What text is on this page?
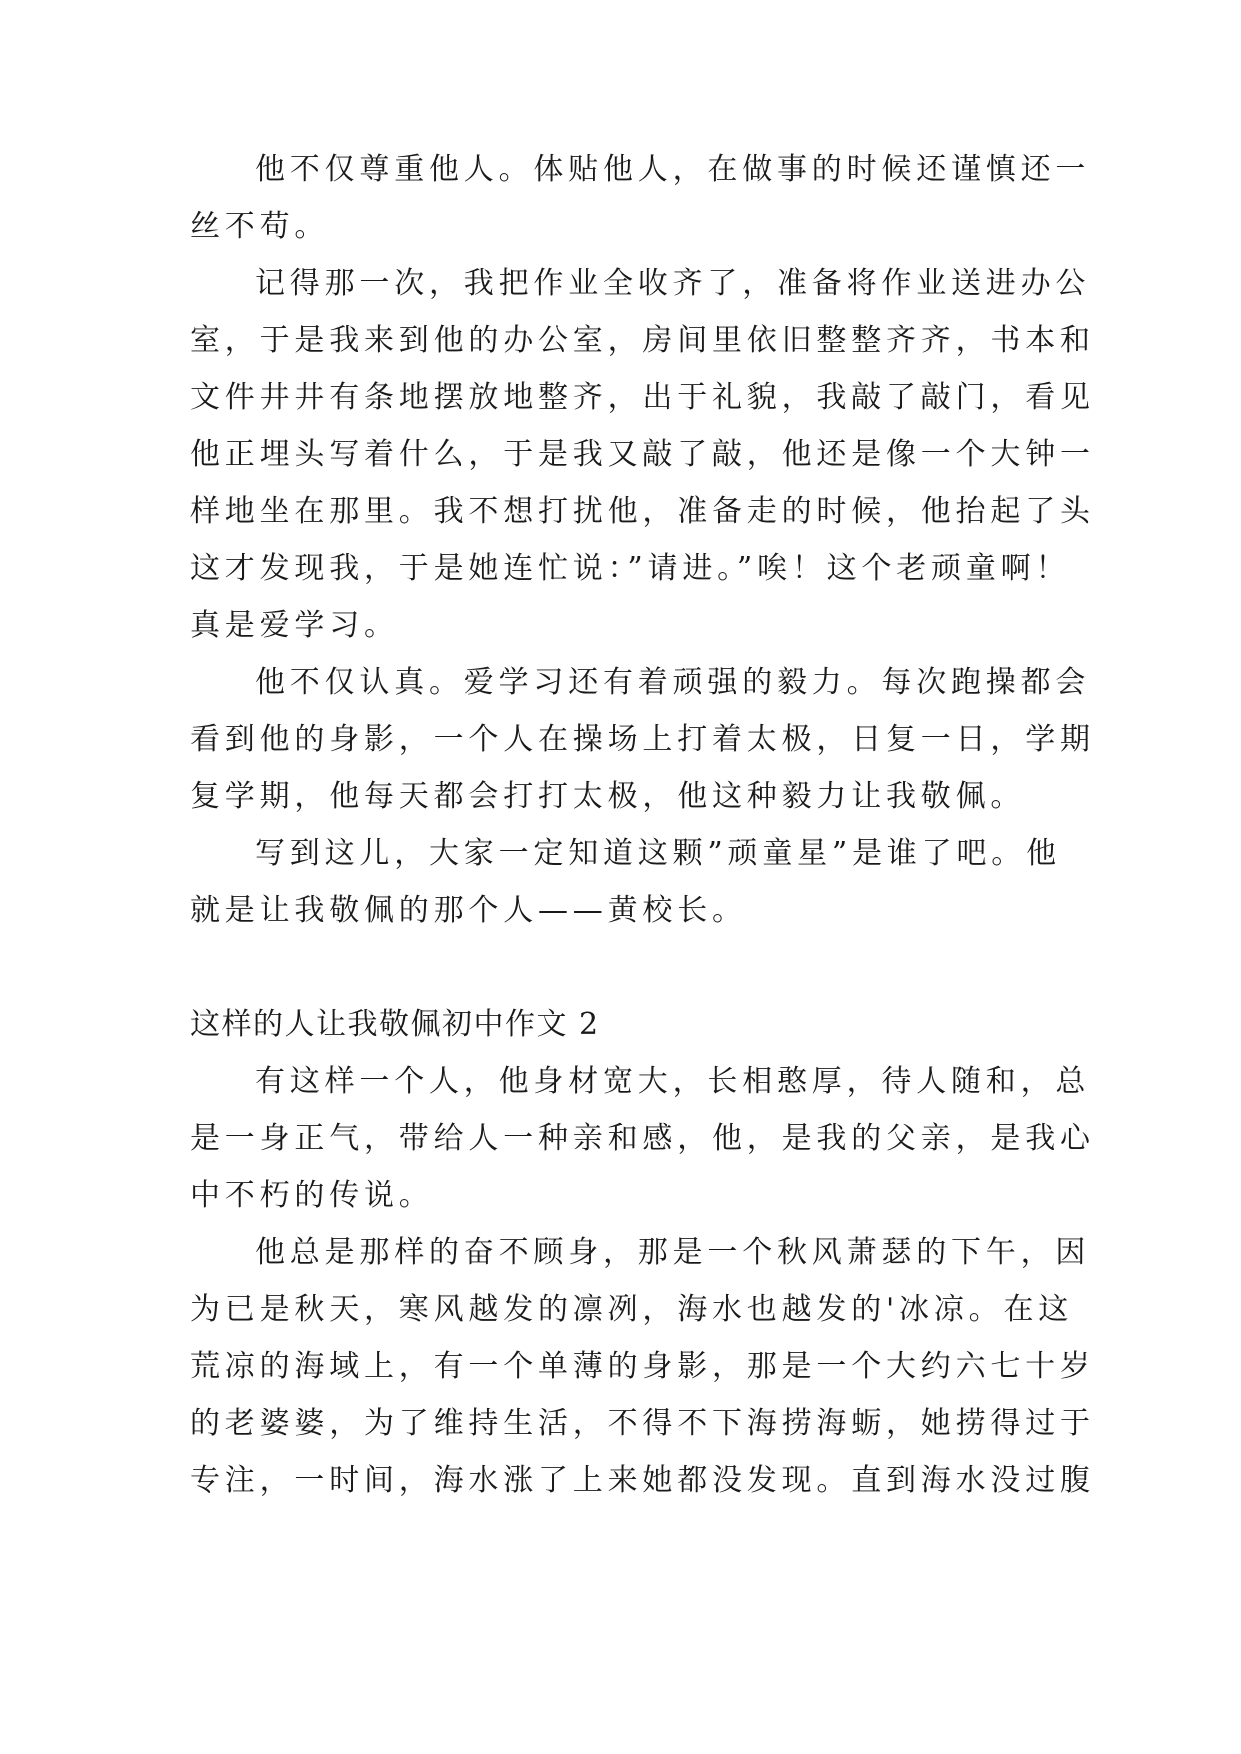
他不仅尊重他人。体贴他人，在做事的时候还谨慎还一
丝不苟。
记得那一次，我把作业全收齐了，准备将作业送进办公
室，于是我来到他的办公室，房间里依旧整整齐齐，书本和
文件井井有条地摆放地整齐，出于礼貌，我敲了敲门，看见
他正埋头写着什么，于是我又敲了敲，他还是像一个大钟一
样地坐在那里。我不想打扰他，准备走的时候，他抬起了头
这才发现我，于是她连忙说：”请进。”唉！这个老顽童啊！
真是爱学习。
他不仅认真。爱学习还有着顽强的毅力。每次跑操都会
看到他的身影，一个人在操场上打着太极，日复一日，学期
复学期，他每天都会打打太极，他这种毅力让我敬佩。
写到这儿，大家一定知道这颗”顽童星”是谁了吧。他
就是让我敬佩的那个人——黄校长。
这样的人让我敬佩初中作文 2
有这样一个人，他身材宽大，长相憨厚，待人随和，总
是一身正气，带给人一种亲和感，他，是我的父亲，是我心
中不朽的传说。
他总是那样的奋不顾身，那是一个秋风萧瑟的下午，因
为已是秋天，寒风越发的凛冽，海水也越发的'冰凉。在这
荒凉的海域上，有一个单薄的身影，那是一个大约六七十岁
的老婆婆，为了维持生活，不得不下海捞海蛎，她捞得过于
专注，一时间，海水涨了上来她都没发现。直到海水没过腹
